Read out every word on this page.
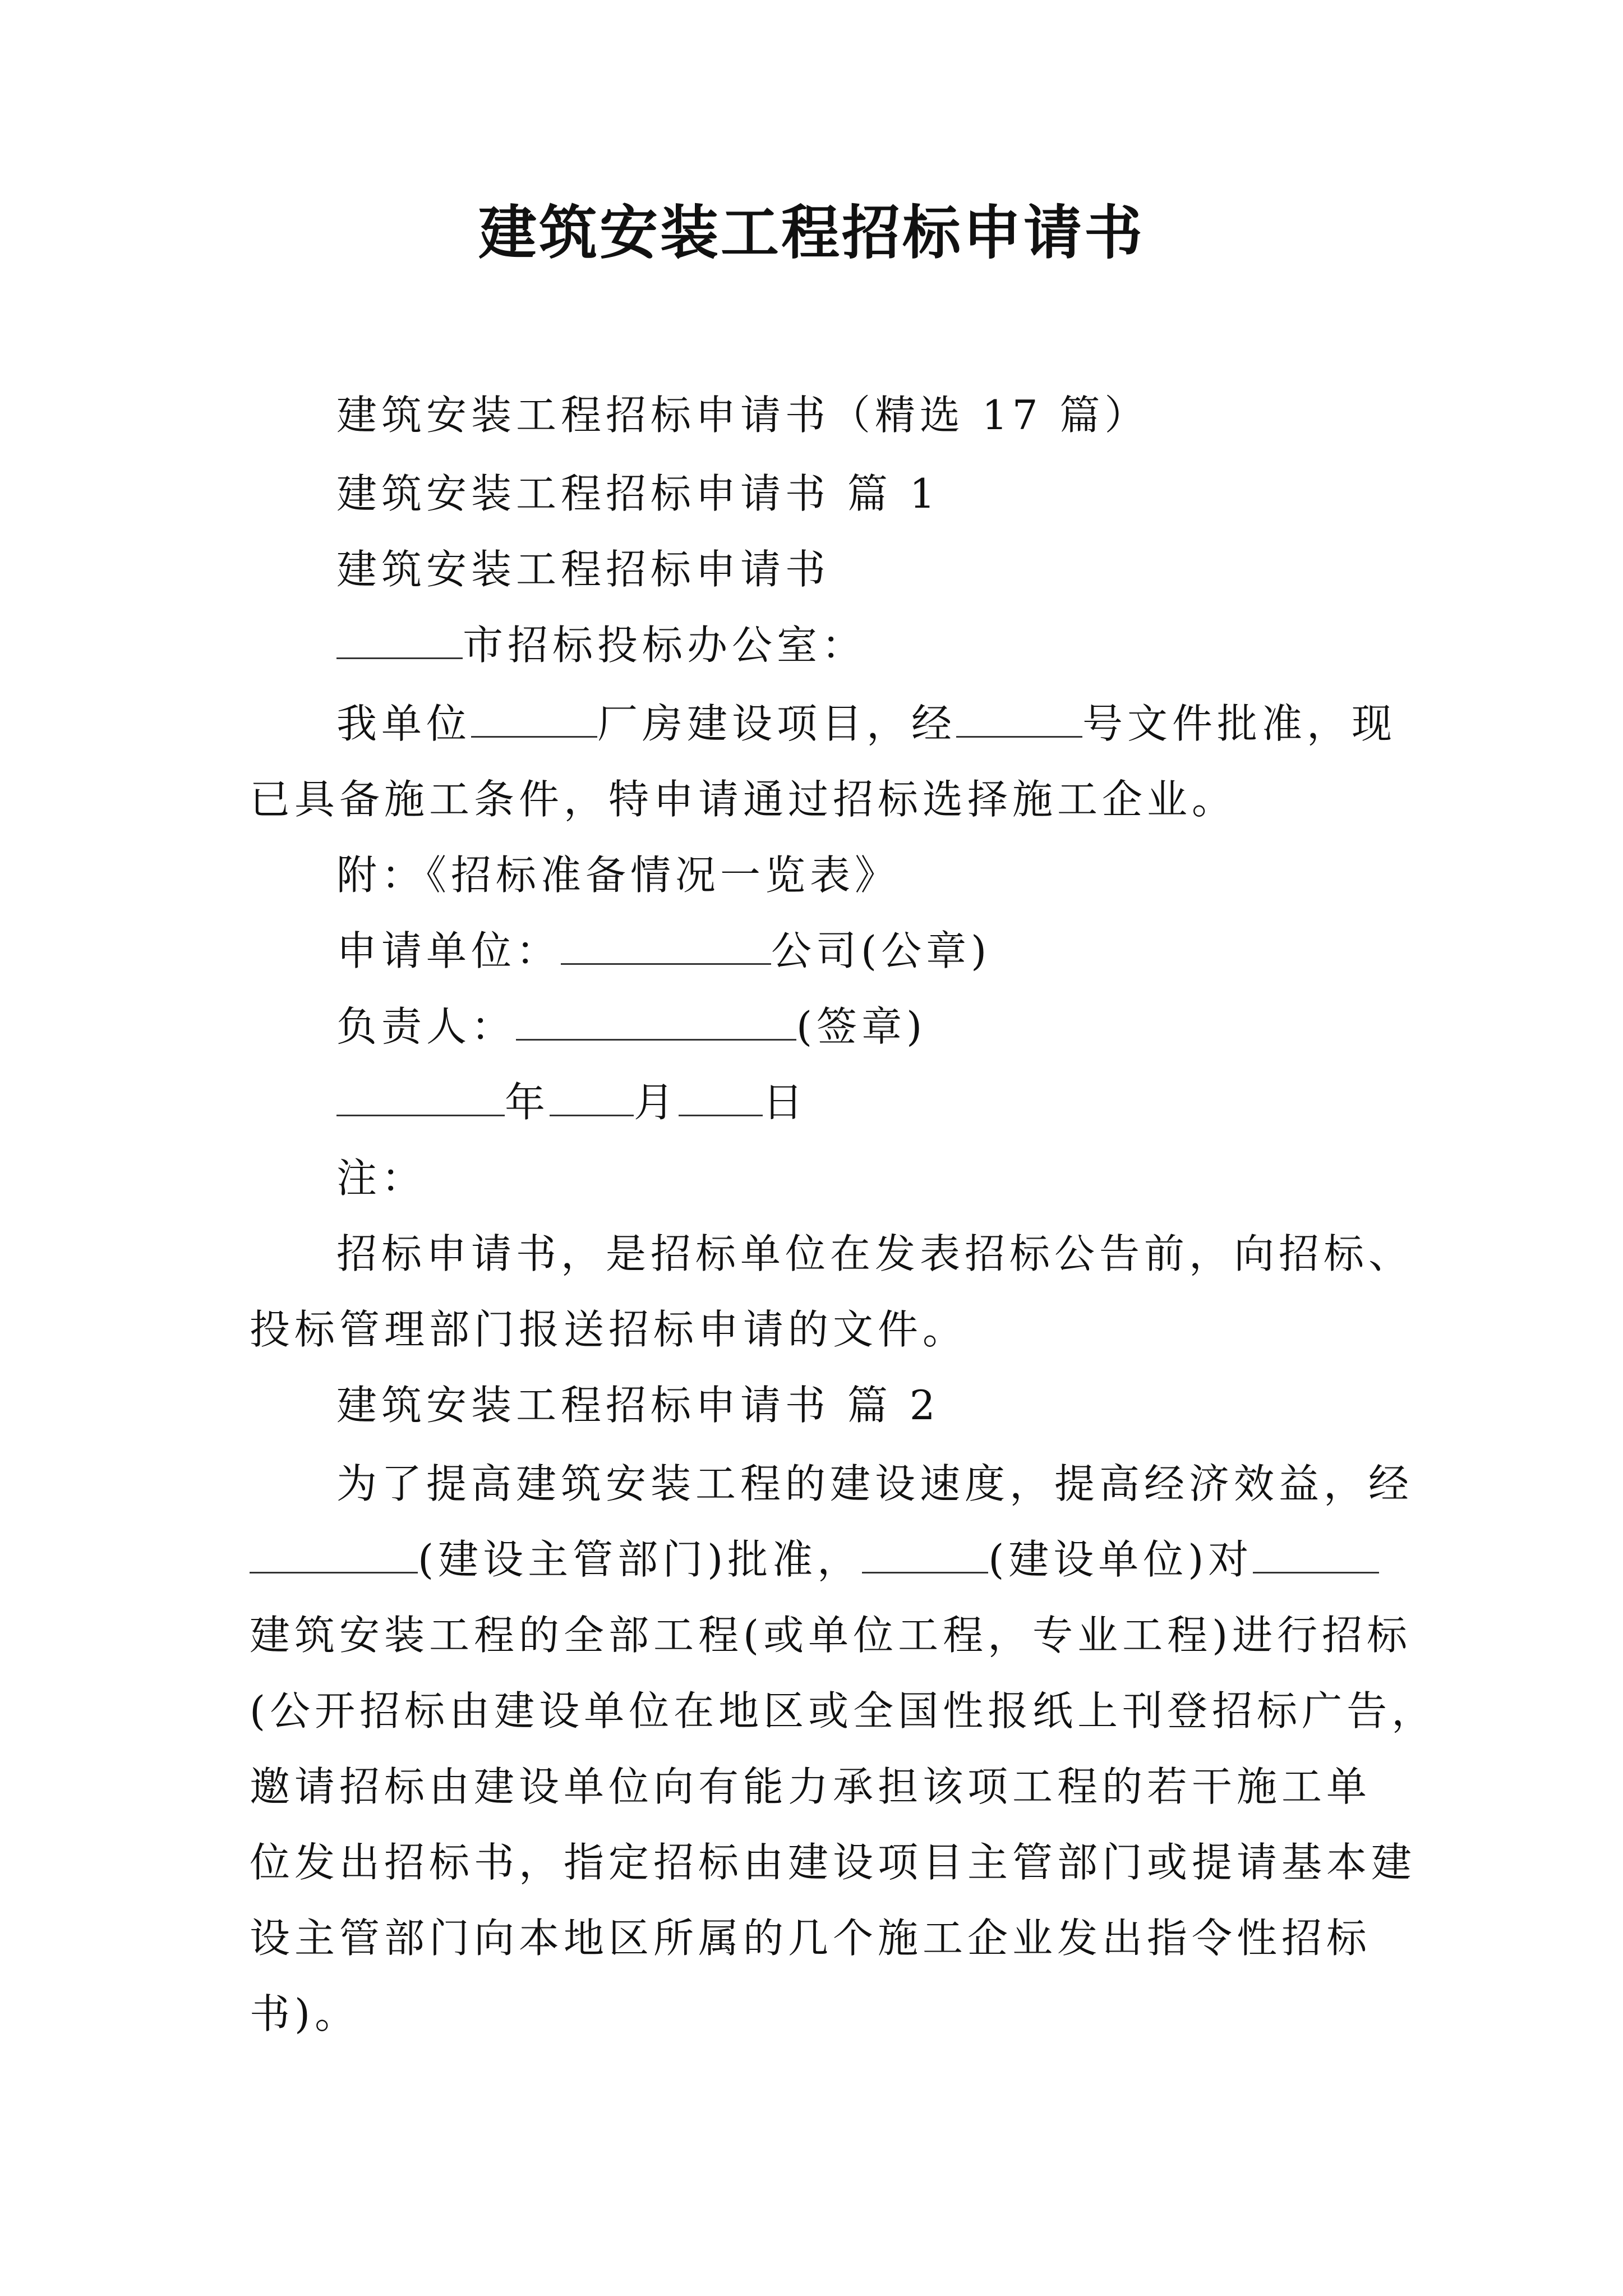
建筑安装工程招标申请书
建筑安装工程招标申请书（精选 17 篇）
建筑安装工程招标申请书 篇 1
建筑安装工程招标申请书
市招标投标办公室：
我单位	厂房建设项目，经	号文件批准，现
已具备施工条件，特申请通过招标选择施工企业。
附：《招标准备情况一览表》
申请单位：	公司(公章)
负责人：	(签章)
年 月 日
注：
招标申请书，是招标单位在发表招标公告前，向招标、
投标管理部门报送招标申请的文件。
建筑安装工程招标申请书 篇 2
为了提高建筑安装工程的建设速度，提高经济效益，经
(建设主管部门)批准，	(建设单位)对
建筑安装工程的全部工程(或单位工程，专业工程)进行招标
(公开招标由建设单位在地区或全国性报纸上刊登招标广告，
邀请招标由建设单位向有能力承担该项工程的若干施工单
位发出招标书，指定招标由建设项目主管部门或提请基本建
设主管部门向本地区所属的几个施工企业发出指令性招标
书)。
